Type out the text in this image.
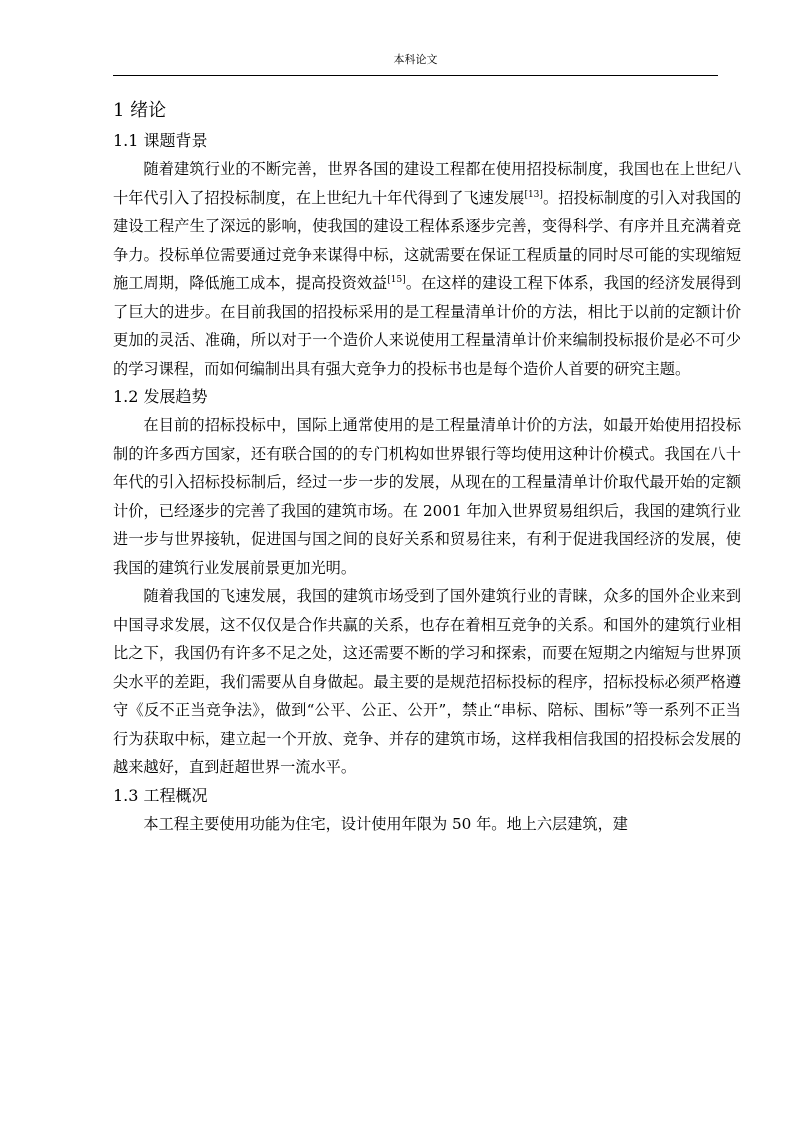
本科论文
1 绪论
1.1 课题背景

随着建筑行业的不断完善，世界各国的建设工程都在使用招投标制度，我国也在上世纪八十年代引入了招投标制度，在上世纪九十年代得到了飞速发展[13]。招投标制度的引入对我国的建设工程产生了深远的影响，使我国的建设工程体系逐步完善，变得科学、有序并且充满着竞争力。投标单位需要通过竞争来谋得中标，这就需要在保证工程质量的同时尽可能的实现缩短施工周期，降低施工成本，提高投资效益[15]。在这样的建设工程下体系，我国的经济发展得到了巨大的进步。在目前我国的招投标采用的是工程量清单计价的方法，相比于以前的定额计价更加的灵活、准确，所以对于一个造价人来说使用工程量清单计价来编制投标报价是必不可少的学习课程，而如何编制出具有强大竞争力的投标书也是每个造价人首要的研究主题。

1.2 发展趋势

在目前的招标投标中，国际上通常使用的是工程量清单计价的方法，如最开始使用招投标制的许多西方国家，还有联合国的的专门机构如世界银行等均使用这种计价模式。我国在八十年代的引入招标投标制后，经过一步一步的发展，从现在的工程量清单计价取代最开始的定额计价，已经逐步的完善了我国的建筑市场。在 2001 年加入世界贸易组织后，我国的建筑行业进一步与世界接轨，促进国与国之间的良好关系和贸易往来，有利于促进我国经济的发展，使我国的建筑行业发展前景更加光明。

随着我国的飞速发展，我国的建筑市场受到了国外建筑行业的青睐，众多的国外企业来到中国寻求发展，这不仅仅是合作共赢的关系，也存在着相互竞争的关系。和国外的建筑行业相比之下，我国仍有许多不足之处，这还需要不断的学习和探索，而要在短期之内缩短与世界顶尖水平的差距，我们需要从自身做起。最主要的是规范招标投标的程序，招标投标必须严格遵守《反不正当竞争法》，做到“公平、公正、公开”，禁止“串标、陪标、围标”等一系列不正当行为获取中标，建立起一个开放、竞争、并存的建筑市场，这样我相信我国的招投标会发展的越来越好，直到赶超世界一流水平。

1.3 工程概况

本工程主要使用功能为住宅，设计使用年限为 50 年。地上六层建筑，建
